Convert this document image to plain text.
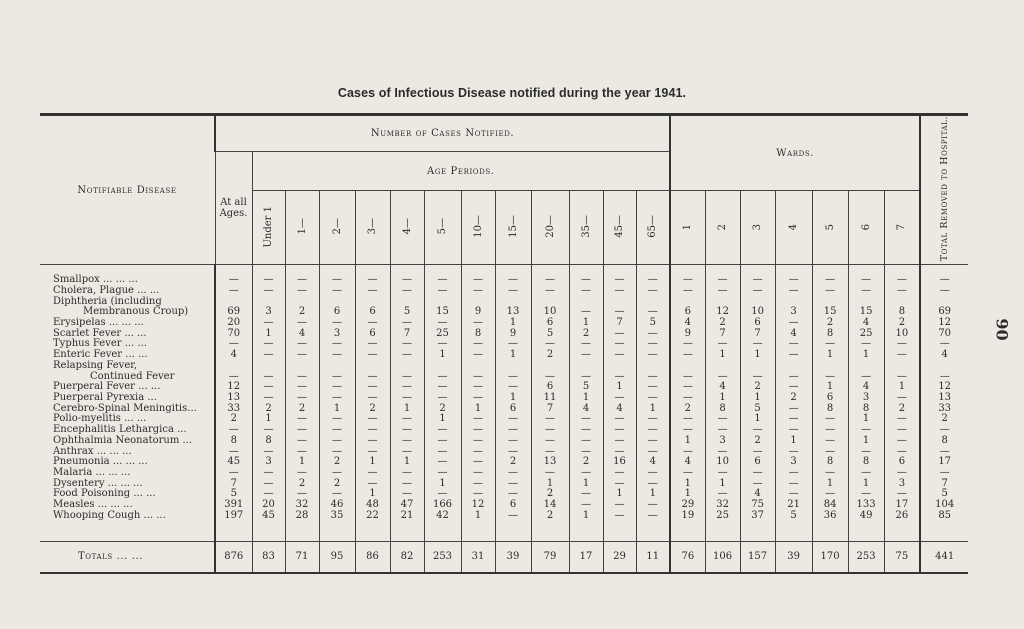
Cases of Infectious Disease notified during the year 1941.
Notifiable Disease	Number of Cases Notified.													Wards.							Total Removed to Hospital.
	At all Ages.	Age Periods.																			
		Under 1	1—	2—	3—	4—	5—	10—	15—	20—	35—	45—	65—	1	2	3	4	5	6	7	

Smallpox ... ... ...	—	—	—	—	—	—	—	—	—	—	—	—	—	—	—	—	—	—	—	—	—
Cholera, Plague ... ...	—	—	—	—	—	—	—	—	—	—	—	—	—	—	—	—	—	—	—	—	—
Diphtheria (including																					
Membranous Croup)	69	3	2	6	6	5	15	9	13	10	—	—	—	6	12	10	3	15	15	8	69
Erysipelas ... ... ...	20	—	—	—	—	—	—	—	1	6	1	7	5	4	2	6	—	2	4	2	12
Scarlet Fever ... ...	70	1	4	3	6	7	25	8	9	5	2	—	—	9	7	7	4	8	25	10	70
Typhus Fever ... ...	—	—	—	—	—	—	—	—	—	—	—	—	—	—	—	—	—	—	—	—	—
Enteric Fever ... ...	4	—	—	—	—	—	1	—	1	2	—	—	—	—	1	1	—	1	1	—	4
Relapsing Fever,																					
Continued Fever	—	—	—	—	—	—	—	—	—	—	—	—	—	—	—	—	—	—	—	—	—
Puerperal Fever ... ...	12	—	—	—	—	—	—	—	—	6	5	1	—	—	4	2	—	1	4	1	12
Puerperal Pyrexia ...	13	—	—	—	—	—	—	—	1	11	1	—	—	—	1	1	2	6	3	—	13
Cerebro-Spinal Meningitis...	33	2	2	1	2	1	2	1	6	7	4	4	1	2	8	5	—	8	8	2	33
Polio-myelitis ... ...	2	1	—	—	—	—	1	—	—	—	—	—	—	—	—	1	—	—	1	—	2
Encephalitis Lethargica ...	—	—	—	—	—	—	—	—	—	—	—	—	—	—	—	—	—	—	—	—	—
Ophthalmia Neonatorum ...	8	8	—	—	—	—	—	—	—	—	—	—	—	1	3	2	1	—	1	—	8
Anthrax ... ... ...	—	—	—	—	—	—	—	—	—	—	—	—	—	—	—	—	—	—	—	—	—
Pneumonia ... ... ...	45	3	1	2	1	1	—	—	2	13	2	16	4	4	10	6	3	8	8	6	17
Malaria ... ... ...	—	—	—	—	—	—	—	—	—	—	—	—	—	—	—	—	—	—	—	—	—
Dysentery ... ... ...	7	—	2	2	—	—	1	—	—	1	1	—	—	1	1	—	—	1	1	3	7
Food Poisoning ... ...	5	—	—	—	1	—	—	—	—	2	—	1	1	1	—	4	—	—	—	—	5
Measles ... ... ...	391	20	32	46	48	47	166	12	6	14	—	—	—	29	32	75	21	84	133	17	104
Whooping Cough ... ...	197	45	28	35	22	21	42	1	—	2	1	—	—	19	25	37	5	36	49	26	85

Totals ... ...	876	83	71	95	86	82	253	31	39	79	17	29	11	76	106	157	39	170	253	75	441
90
